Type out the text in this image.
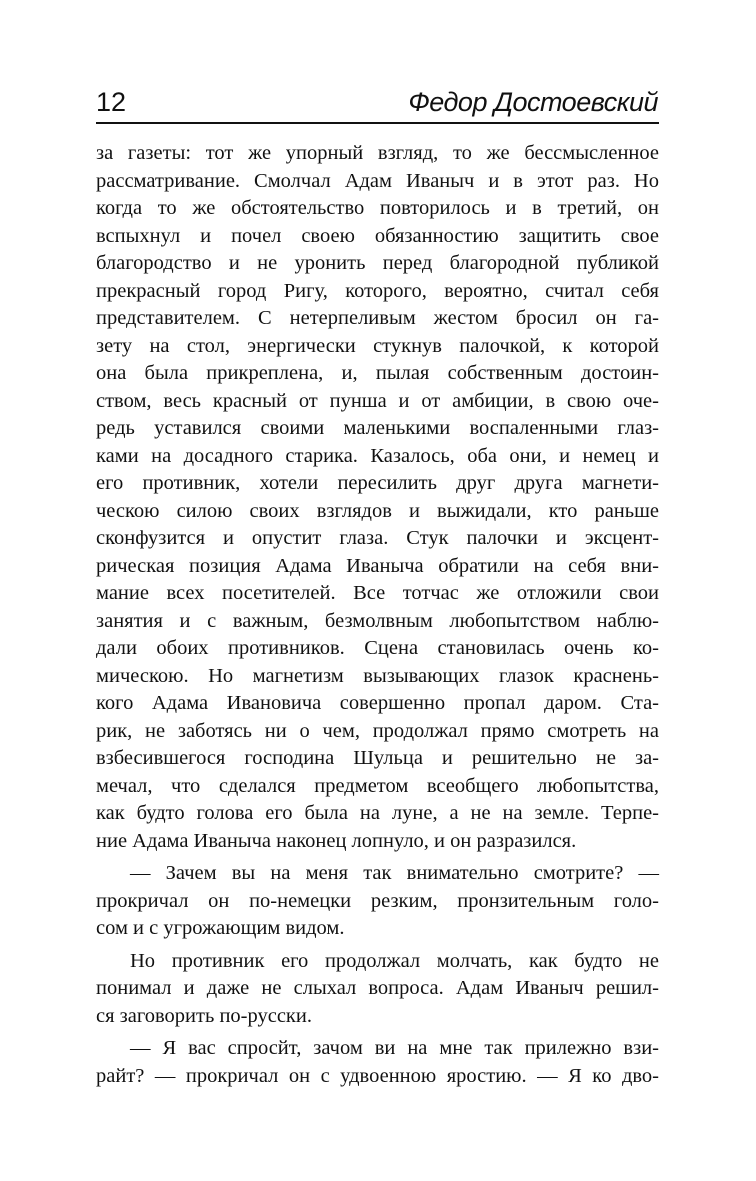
12	Федор Достоевский
за газеты: тот же упорный взгляд, то же бессмысленное
рассматривание. Смолчал Адам Иваныч и в этот раз. Но
когда то же обстоятельство повторилось и в третий, он
вспыхнул и почел своею обязанностию защитить свое
благородство и не уронить перед благородной публикой
прекрасный город Ригу, которого, вероятно, считал себя
представителем. С нетерпеливым жестом бросил он га-
зету на стол, энергически стукнув палочкой, к которой
она была прикреплена, и, пылая собственным достоин-
ством, весь красный от пунша и от амбиции, в свою оче-
редь уставился своими маленькими воспаленными глаз-
ками на досадного старика. Казалось, оба они, и немец и
его противник, хотели пересилить друг друга магнети-
ческою силою своих взглядов и выжидали, кто раньше
сконфузится и опустит глаза. Стук палочки и эксцент-
рическая позиция Адама Иваныча обратили на себя вни-
мание всех посетителей. Все тотчас же отложили свои
занятия и с важным, безмолвным любопытством наблю-
дали обоих противников. Сцена становилась очень ко-
мическою. Но магнетизм вызывающих глазок краснень-
кого Адама Ивановича совершенно пропал даром. Ста-
рик, не заботясь ни о чем, продолжал прямо смотреть на
взбесившегося господина Шульца и решительно не за-
мечал, что сделался предметом всеобщего любопытства,
как будто голова его была на луне, а не на земле. Терпе-
ние Адама Иваныча наконец лопнуло, и он разразился.
— Зачем вы на меня так внимательно смотрите? —
прокричал он по-немецки резким, пронзительным голо-
сом и с угрожающим видом.
Но противник его продолжал молчать, как будто не
понимал и даже не слыхал вопроса. Адам Иваныч решил-
ся заговорить по-русски.
— Я вас спросйт, зачом ви на мне так прилежно взи-
райт? — прокричал он с удвоенною яростию. — Я ко дво-
